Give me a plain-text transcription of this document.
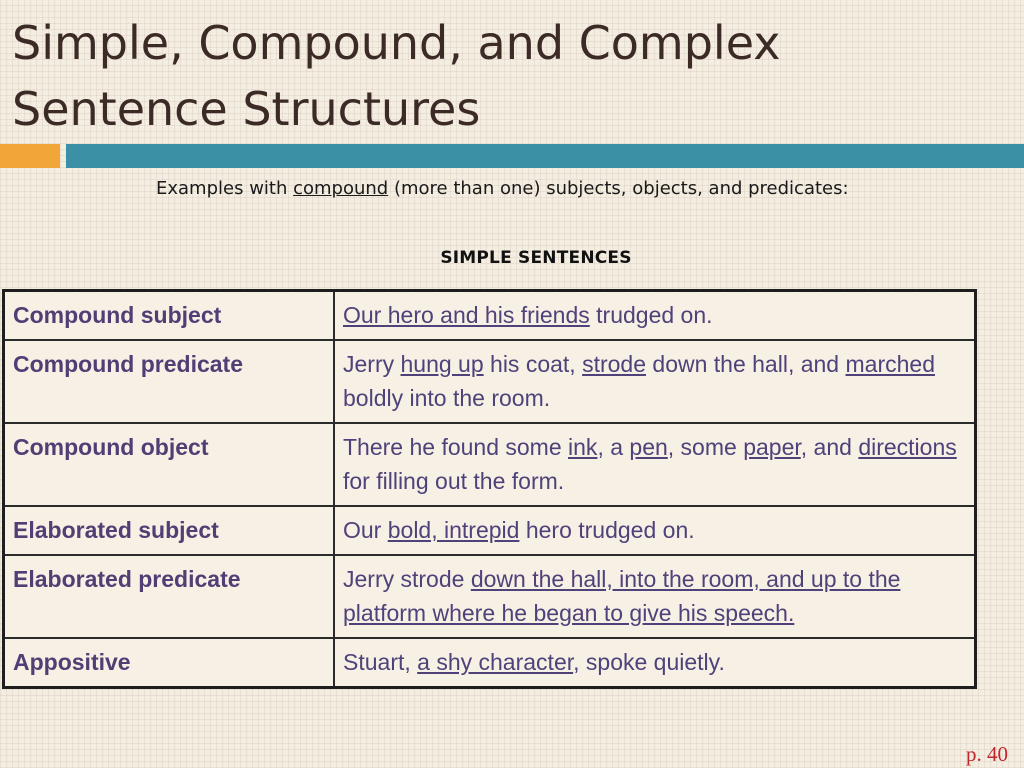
Simple, Compound, and Complex
Sentence Structures

Examples with compound (more than one) subjects, objects, and predicates:

SIMPLE SENTENCES
Compound subject	Our hero and his friends trudged on.
Compound predicate	Jerry hung up his coat, strode down the hall, and marched boldly into the room.
Compound object	There he found some ink, a pen, some paper, and directions for filling out the form.
Elaborated subject	Our bold, intrepid hero trudged on.
Elaborated predicate	Jerry strode down the hall, into the room, and up to the platform where he began to give his speech.
Appositive	Stuart, a shy character, spoke quietly.
p. 40
